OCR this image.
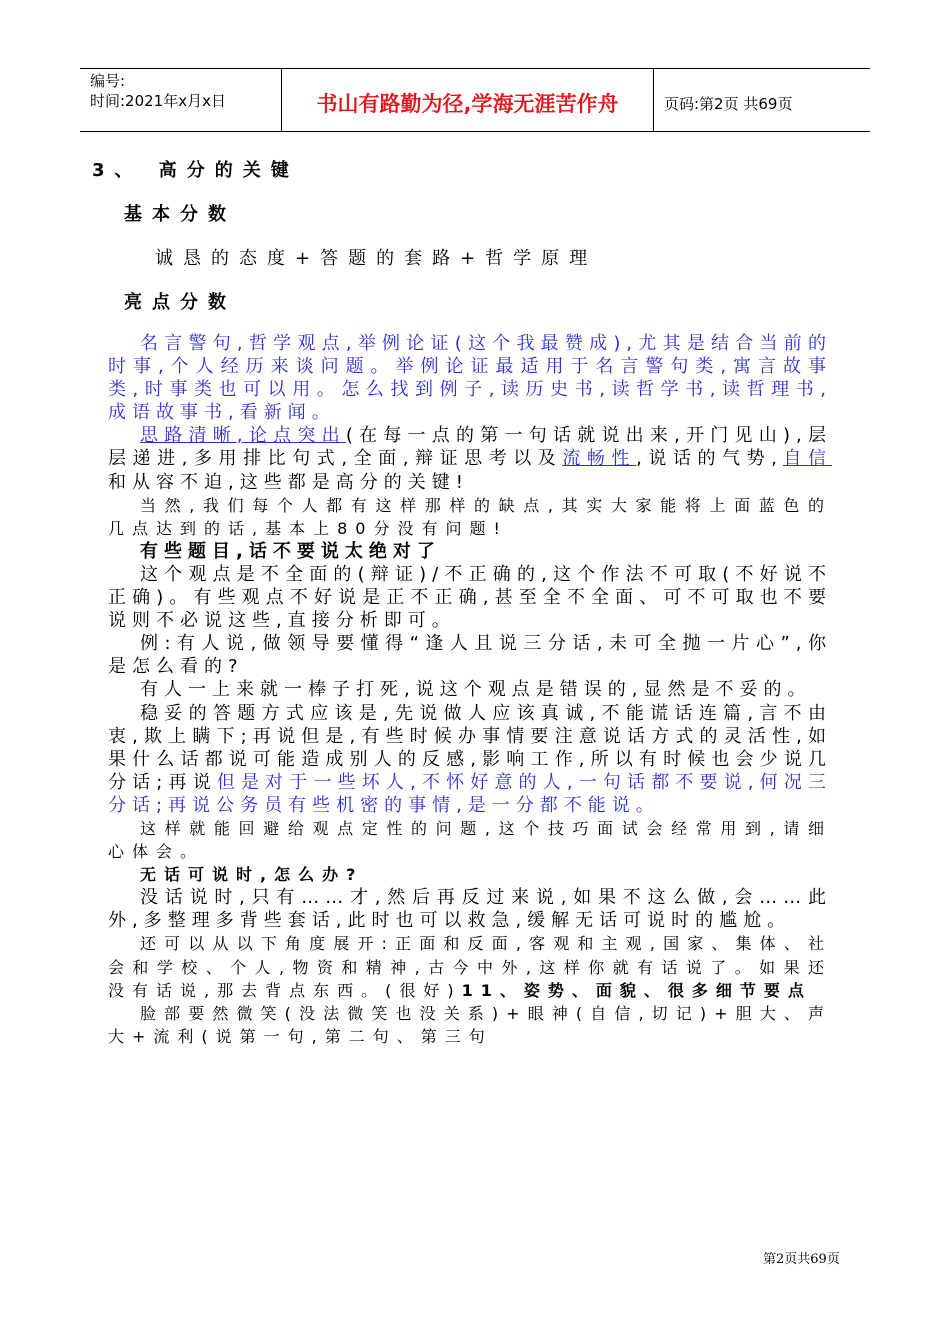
编号:
时间:2021年x月x日	书山有路勤为径,学海无涯苦作舟	页码:第2页 共69页
3、 高分的关键
基本分数
诚恳的态度+答题的套路+哲学原理
亮点分数

名言警句,哲学观点,举例论证(这个我最赞成),尤其是结合当前的时事,个人经历来谈问题。举例论证最适用于名言警句类,寓言故事类,时事类也可以用。怎么找到例子,读历史书,读哲学书,读哲理书,成语故事书,看新闻。

思路清晰,论点突出(在每一点的第一句话就说出来,开门见山),层层递进,多用排比句式,全面,辩证思考以及流畅性,说话的气势,自信和从容不迫,这些都是高分的关键!

当然,我们每个人都有这样那样的缺点,其实大家能将上面蓝色的几点达到的话,基本上80分没有问题!

有些题目,话不要说太绝对了

这个观点是不全面的(辩证)/不正确的,这个作法不可取(不好说不正确)。有些观点不好说是正不正确,甚至全不全面、可不可取也不要说则不必说这些,直接分析即可。

例:有人说,做领导要懂得“逢人且说三分话,未可全抛一片心”,你是怎么看的?

有人一上来就一棒子打死,说这个观点是错误的,显然是不妥的。

稳妥的答题方式应该是,先说做人应该真诚,不能谎话连篇,言不由衷,欺上瞒下;再说但是,有些时候办事情要注意说话方式的灵活性,如果什么话都说可能造成别人的反感,影响工作,所以有时候也会少说几分话;再说但是对于一些坏人,不怀好意的人,一句话都不要说,何况三分话;再说公务员有些机密的事情,是一分都不能说。

这样就能回避给观点定性的问题,这个技巧面试会经常用到,请细心体会。

无话可说时,怎么办?

没话说时,只有……才,然后再反过来说,如果不这么做,会……此外,多整理多背些套话,此时也可以救急,缓解无话可说时的尴尬。

还可以从以下角度展开:正面和反面,客观和主观,国家、集体、社会和学校、个人,物资和精神,古今中外,这样你就有话说了。如果还没有话说,那去背点东西。(很好)11、姿势、面貌、很多细节要点

脸部要然微笑(没法微笑也没关系)+眼神(自信,切记)+胆大、声大+流利(说第一句,第二句、第三句

第2页共69页
